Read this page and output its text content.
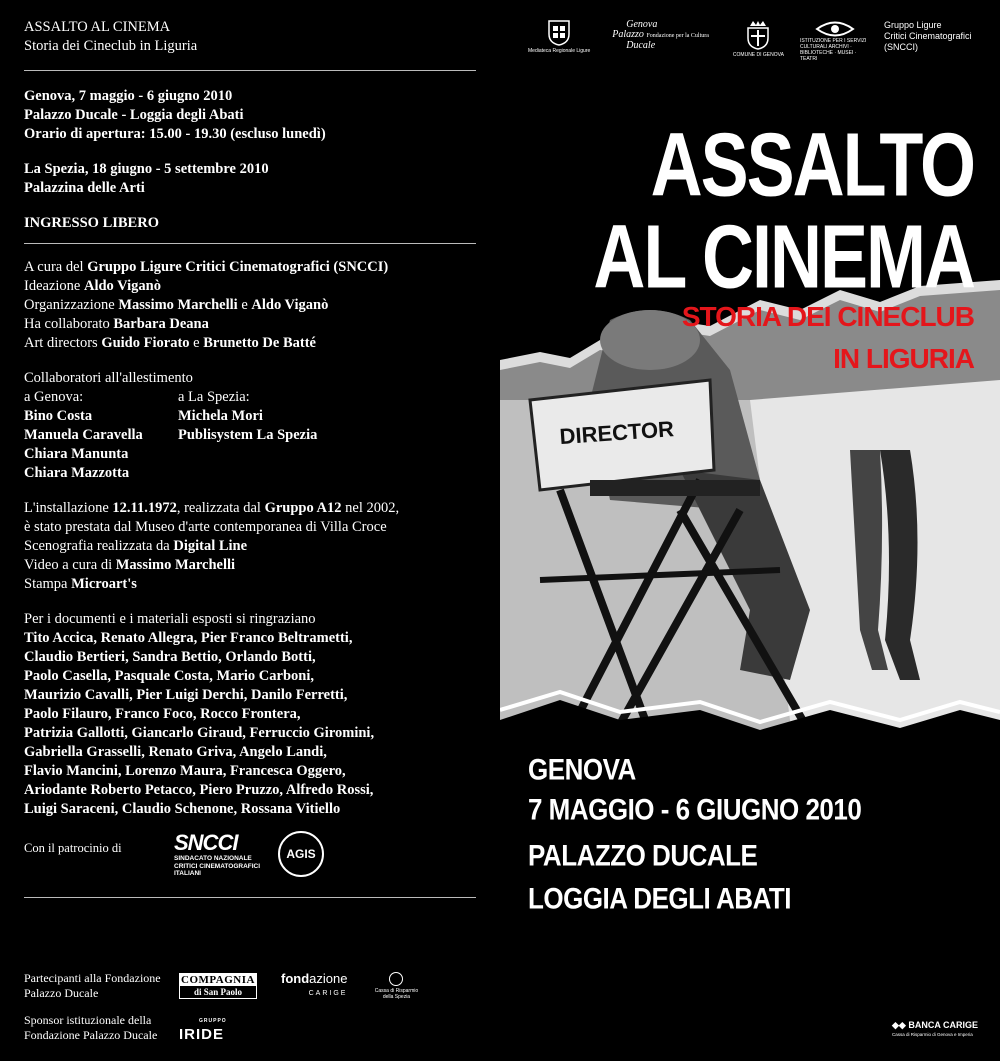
ASSALTO AL CINEMA
Storia dei Cineclub in Liguria
Genova, 7 maggio - 6 giugno 2010
Palazzo Ducale - Loggia degli Abati
Orario di apertura: 15.00 - 19.30 (escluso lunedì)
La Spezia, 18 giugno - 5 settembre 2010
Palazzina delle Arti
INGRESSO LIBERO
A cura del Gruppo Ligure Critici Cinematografici (SNCCI)
Ideazione Aldo Viganò
Organizzazione Massimo Marchelli e Aldo Viganò
Ha collaborato Barbara Deana
Art directors Guido Fiorato e Brunetto De Batté
Collaboratori all'allestimento
a Genova:
Bino Costa
Manuela Caravella
Chiara Manunta
Chiara Mazzotta
a La Spezia:
Michela Mori
Publisystem La Spezia
L'installazione 12.11.1972, realizzata dal Gruppo A12 nel 2002,
è stato prestata dal Museo d'arte contemporanea di Villa Croce
Scenografia realizzata da Digital Line
Video a cura di Massimo Marchelli
Stampa Microart's
Per i documenti e i materiali esposti si ringraziano
Tito Accica, Renato Allegra, Pier Franco Beltrametti,
Claudio Bertieri, Sandra Bettio, Orlando Botti,
Paolo Casella, Pasquale Costa, Mario Carboni,
Maurizio Cavalli, Pier Luigi Derchi, Danilo Ferretti,
Paolo Filauro, Franco Foco, Rocco Frontera,
Patrizia Gallotti, Giancarlo Giraud, Ferruccio Giromini,
Gabriella Grasselli, Renato Griva, Angelo Landi,
Flavio Mancini, Lorenzo Maura, Francesca Oggero,
Ariodante Roberto Petacco, Piero Pruzzo, Alfredo Rossi,
Luigi Saraceni, Claudio Schenone, Rossana Vitiello
Con il patrocinio di	SNCCI
SINDACATO NAZIONALE
CRITICI CINEMATOGRAFICI
ITALIANI
AGIS
Partecipanti alla Fondazione Palazzo Ducale
COMPAGNIA
di San Paolo
fondazione
CARIGE	Cassa di Risparmio della Spezia
Sponsor istituzionale della Fondazione Palazzo Ducale
GRUPPO
IRIDE
Mediateca Regionale Ligure
Genova
Palazzo Fondazione per la Cultura
Ducale
COMUNE DI GENOVA
ISTITUZIONE PER I SERVIZI CULTURALI ARCHIVI · BIBLIOTECHE · MUSEI · TEATRI
Gruppo Ligure
Critici Cinematografici
(SNCCI)
DIRECTOR
ASSALTO
AL CINEMA
STORIA DEI CINECLUB
IN LIGURIA
GENOVA
7 MAGGIO - 6 GIUGNO 2010
PALAZZO DUCALE
LOGGIA DEGLI ABATI
◆◆ BANCA CARIGE
Cassa di Risparmio di Genova e Imperia
